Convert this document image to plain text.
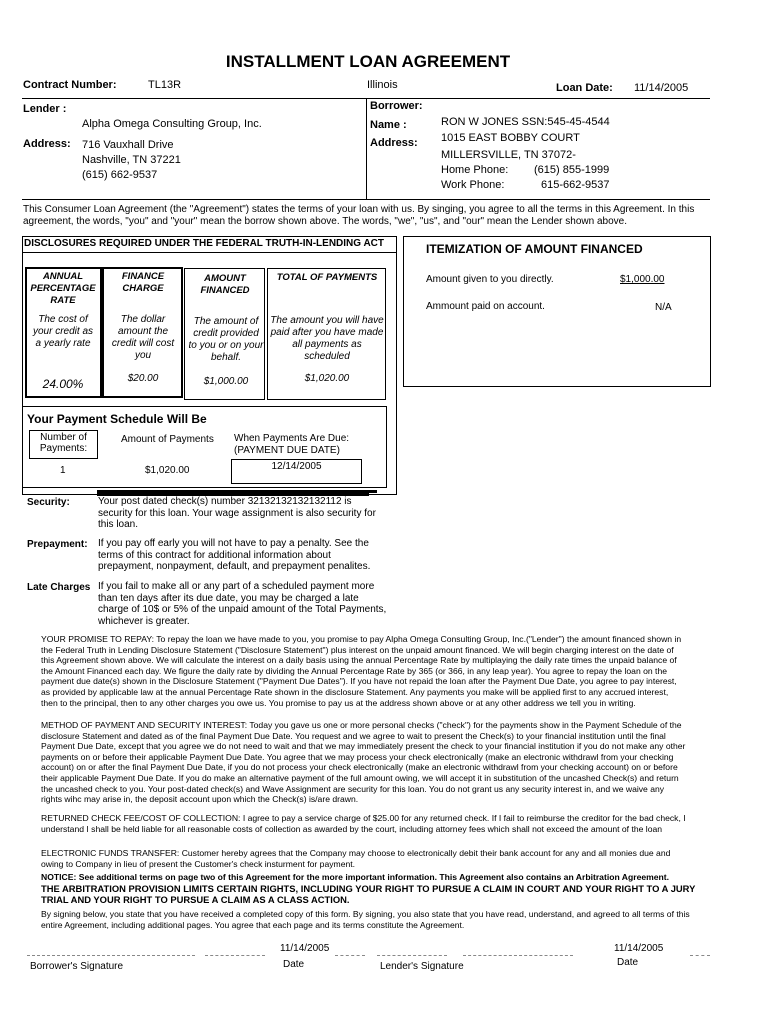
INSTALLMENT LOAN AGREEMENT
Contract Number:	TL13R	Illinois	Loan Date: 11/14/2005
Lender :
Alpha Omega Consulting Group, Inc.
Address: 716 Vauxhall Drive
Nashville, TN 37221
(615) 662-9537
Borrower:
Name :	RON W JONES SSN:545-45-4544
Address: 1015 EAST BOBBY COURT
MILLERSVILLE, TN 37072-
Home Phone: (615) 855-1999
Work Phone:	615-662-9537
This Consumer Loan Agreement (the "Agreement") states the terms of your loan with us. By singing, you agree to all the terms in this Agreement. In this agreement, the words, "you" and "your" mean the borrow shown above. The words, "we", "us", and "our" mean the Lender shown above.
DISCLOSURES REQUIRED UNDER THE FEDERAL TRUTH-IN-LENDING ACT
ANNUAL PERCENTAGE RATE
The cost of your credit as a yearly rate
24.00%
FINANCE CHARGE
The dollar amount the credit will cost you
$20.00
AMOUNT FINANCED
The amount of credit provided to you or on your behalf.
$1,000.00
TOTAL OF PAYMENTS
The amount you will have paid after you have made all payments as scheduled
$1,020.00
Your Payment Schedule Will Be
Number of Payments:
Amount of Payments When Payments Are Due: (PAYMENT DUE DATE)
1	$1,020.00	12/14/2005
ITEMIZATION OF AMOUNT FINANCED
Amount given to you directly.	$1,000.00
Ammount paid on account.	N/A
Security:	Your post dated check(s) number 32132132132132112 is security for this loan. Your wage assignment is also security for this loan.
Prepayment: If you pay off early you will not have to pay a penalty. See the terms of this contract for additional information about prepayment, nonpayment, default, and prepayment penalites.
Late Charges If you fail to make all or any part of a scheduled payment more than ten days after its due date, you may be charged a late charge of 10$ or 5% of the unpaid amount of the Total Payments, whichever is greater.
YOUR PROMISE TO REPAY: To repay the loan we have made to you, you promise to pay Alpha Omega Consulting Group, Inc.("Lender") the amount financed shown in the Federal Truth in Lending Disclosure Statement ("Disclosure Statement") plus interest on the unpaid amount financed. We will begin charging interest on the date of this Agreement shown above. We will calculate the interest on a daily basis using the annual Percentage Rate by multiplaying the daily rate times the unpaid balance of the Amount Financed each day. We figure the daily rate by dividing the Annual Percentage Rate by 365 (or 366, in any leap year). You agree to repay the loan on the payment due date(s) shown in the Disclosure Statement ("Payment Due Dates"). If you have not repaid the loan after the Payment Due Date, you agree to pay interest, as provided by applicable law at the annual Percentage Rate shown in the disclosure Statement. Any payments you make will be applied first to any accrued interest, then to the principal, then to any other charges you owe us. You promise to pay us at the address shown above or at any other address we tell you in writing.
METHOD OF PAYMENT AND SECURITY INTEREST: Today you gave us one or more personal checks ("check") for the payments show in the Payment Schedule of the disclosure Statement and dated as of the final Payment Due Date. You request and we agree to wait to present the Check(s) to your financial institution until the final Payment Due Date, except that you agree we do not need to wait and that we may immediately present the check to your financial institution if you do not make any other payments on or before their applicable Payment Due Date. You agree that we may process your check electronically (make an electronic withdrawl from your checking account) on or after the final Payment Due Date, if you do not process your check electronically (make an electronic withdrawl from your checking account) on or before their applicable Payment Due Date. If you do make an alternative payment of the full amount owing, we will accept it in substitution of the uncashed Check(s) and return the uncashed check to you. Your post-dated check(s) and Wave Assignment are security for this loan. You do not grant us any security interest in, and we waive any rights wihc may arise in, the deposit account upon which the Check(s) is/are drawn.
RETURNED CHECK FEE/COST OF COLLECTION: I agree to pay a service charge of $25.00 for any returned check. If I fail to reimburse the creditor for the bad check, I understand I shall be held liable for all reasonable costs of collection as awarded by the court, including attorney fees which shall not exceed the amount of the loan
ELECTRONIC FUNDS TRANSFER: Customer hereby agrees that the Company may choose to electronically debit their bank account for any and all monies due and owing to Company in lieu of present the Customer's check insturment for payment.
NOTICE: See additional terms on page two of this Agreement for the more important information. This Agreement also contains an Arbitration Agreement.
THE ARBITRATION PROVISION LIMITS CERTAIN RIGHTS, INCLUDING YOUR RIGHT TO PURSUE A CLAIM IN COURT AND YOUR RIGHT TO A JURY TRIAL AND YOUR RIGHT TO PURSUE A CLAIM AS A CLASS ACTION.
By signing below, you state that you have received a completed copy of this form. By signing, you also state that you have read, understand, and agreed to all terms of this entire Agreement, including additional pages. You agree that each page and its terms constitute the Agreement.
Borrower's Signature
11/14/2005
Date	Lender's Signature
11/14/2005
Date
